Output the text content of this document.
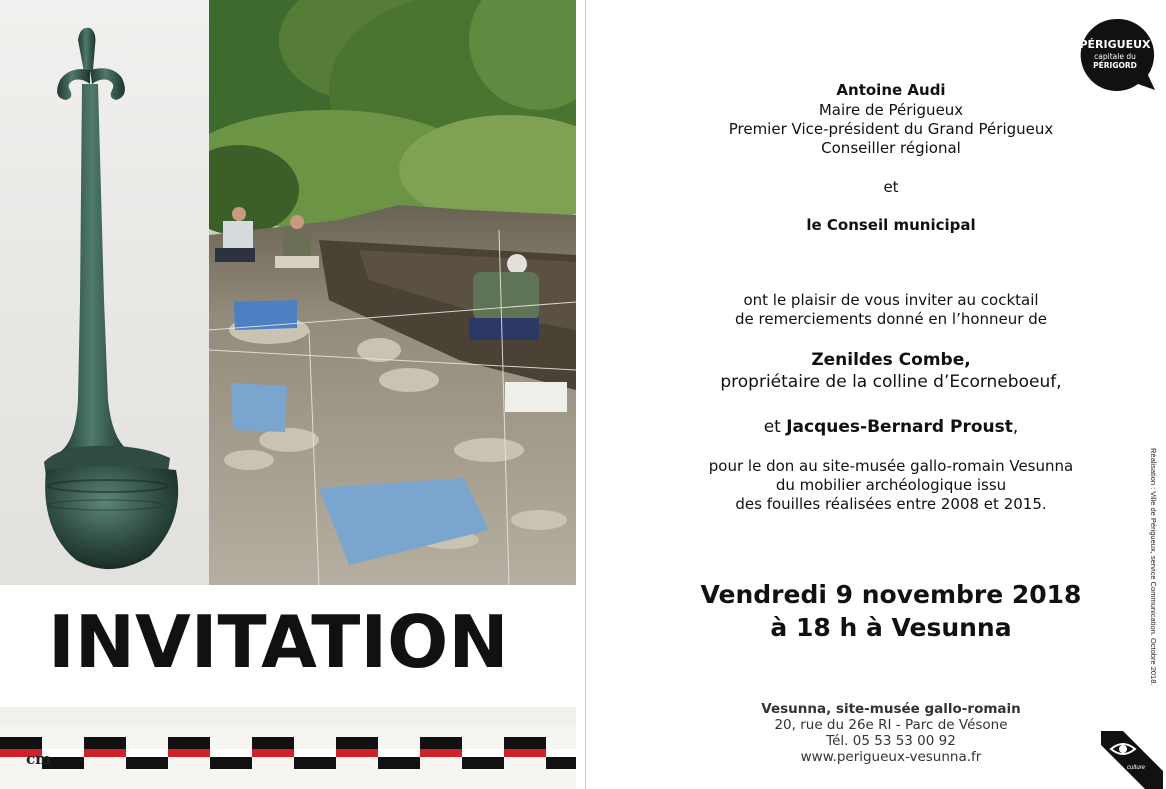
INVITATION
cm
PÉRIGUEUX
capitale du
PÉRIGORD
Antoine Audi
Maire de Périgueux
Premier Vice-président du Grand Périgueux
Conseiller régional
et
le Conseil municipal
ont le plaisir de vous inviter au cocktail
de remerciements donné en l’honneur de
Zenildes Combe,
propriétaire de la colline d’Ecorneboeuf,
et Jacques-Bernard Proust,
pour le don au site-musée gallo-romain Vesunna
du mobilier archéologique issu
des fouilles réalisées entre 2008 et 2015.
Vendredi 9 novembre 2018
à 18 h à Vesunna
Vesunna, site-musée gallo-romain
20, rue du 26e RI - Parc de Vésone
Tél. 05 53 53 00 92
www.perigueux-vesunna.fr
Réalisation : Ville de Périgueux, service Communication. Octobre 2018.
culture
